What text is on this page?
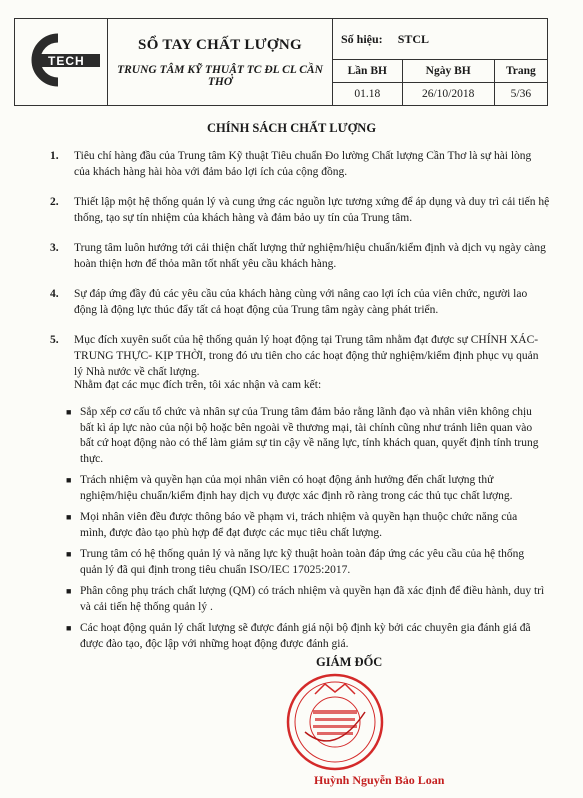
TECH	SỔ TAY CHẤT LƯỢNG
TRUNG TÂM KỸ THUẬT TC ĐL CL CẦN THƠ	Số hiệu: STCL		
		Lần BH	Ngày BH	Trang
		01.18	26/10/2018	5/36
CHÍNH SÁCH CHẤT LƯỢNG
1. Tiêu chí hàng đầu của Trung tâm Kỹ thuật Tiêu chuẩn Đo lường Chất lượng Cần Thơ là sự hài lòng của khách hàng hài hòa với đảm bảo lợi ích của cộng đồng.
2. Thiết lập một hệ thống quản lý và cung ứng các nguồn lực tương xứng để áp dụng và duy trì cải tiến hệ thống, tạo sự tín nhiệm của khách hàng và đảm bảo uy tín của Trung tâm.
3. Trung tâm luôn hướng tới cải thiện chất lượng thử nghiệm/hiệu chuẩn/kiểm định và dịch vụ ngày càng hoàn thiện hơn để thỏa mãn tốt nhất yêu cầu khách hàng.
4. Sự đáp ứng đầy đủ các yêu cầu của khách hàng cùng với nâng cao lợi ích của viên chức, người lao động là động lực thúc đẩy tất cả hoạt động của Trung tâm ngày càng phát triển.
5. Mục đích xuyên suốt của hệ thống quản lý hoạt động tại Trung tâm nhằm đạt được sự CHÍNH XÁC- TRUNG THỰC- KỊP THỜI, trong đó ưu tiên cho các hoạt động thử nghiệm/kiểm định phục vụ quản lý Nhà nước về chất lượng.
Nhằm đạt các mục đích trên, tôi xác nhận và cam kết:
■ Sắp xếp cơ cấu tổ chức và nhân sự của Trung tâm đảm bảo rằng lãnh đạo và nhân viên không chịu bất kì áp lực nào của nội bộ hoặc bên ngoài về thương mại, tài chính cũng như tránh liên quan vào bất cứ hoạt động nào có thể làm giảm sự tin cậy về năng lực, tính khách quan, quyết định tính trung thực.
■ Trách nhiệm và quyền hạn của mọi nhân viên có hoạt động ảnh hưởng đến chất lượng thử nghiệm/hiệu chuẩn/kiểm định hay dịch vụ được xác định rõ ràng trong các thủ tục chất lượng.
■ Mọi nhân viên đều được thông báo về phạm vi, trách nhiệm và quyền hạn thuộc chức năng của mình, được đào tạo phù hợp để đạt được các mục tiêu chất lượng.
■ Trung tâm có hệ thống quản lý và năng lực kỹ thuật hoàn toàn đáp ứng các yêu cầu của hệ thống quản lý đã qui định trong tiêu chuẩn ISO/IEC 17025:2017.
■ Phân công phụ trách chất lượng (QM) có trách nhiệm và quyền hạn đã xác định để điều hành, duy trì và cải tiến hệ thống quản lý .
■ Các hoạt động quản lý chất lượng sẽ được đánh giá nội bộ định kỳ bởi các chuyên gia đánh giá đã được đào tạo, độc lập với những hoạt động được đánh giá.
GIÁM ĐỐC
Huỳnh Nguyễn Bảo Loan
